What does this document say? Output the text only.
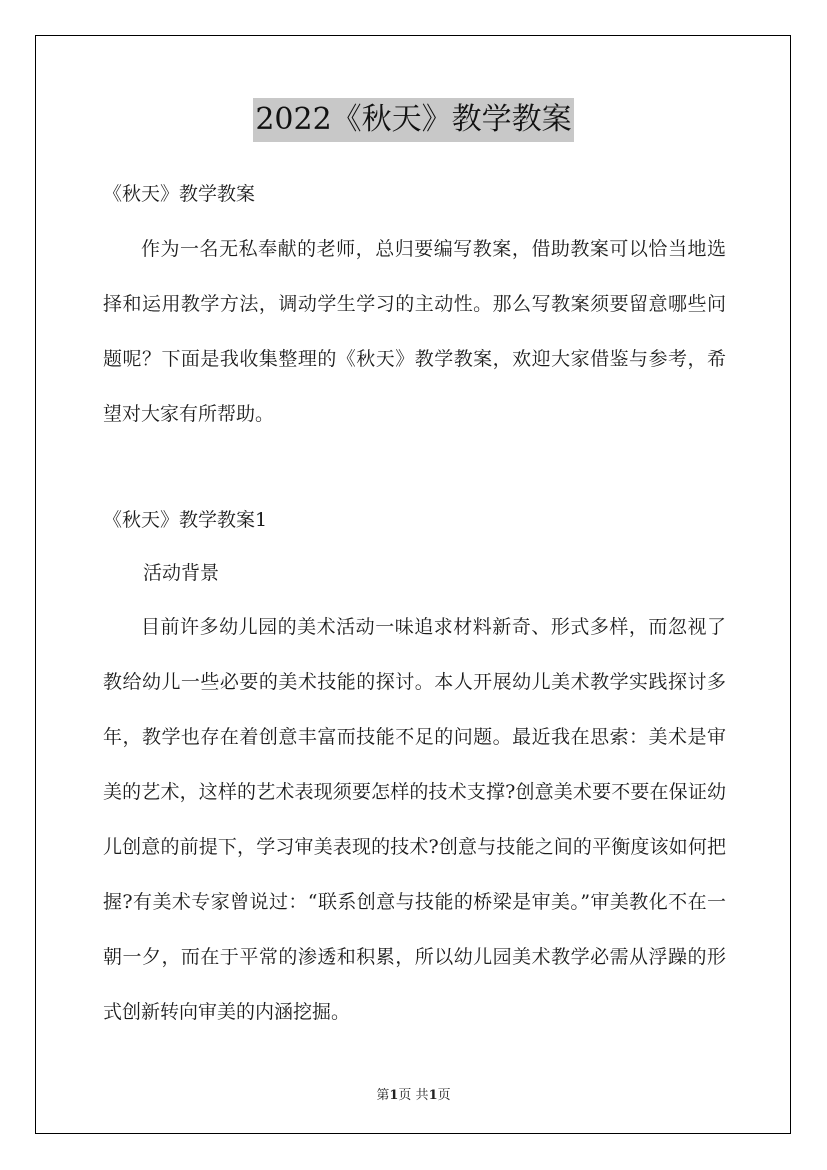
2022《秋天》教学教案
《秋天》教学教案

作为一名无私奉献的老师，总归要编写教案，借助教案可以恰当地选择和运用教学方法，调动学生学习的主动性。那么写教案须要留意哪些问题呢？下面是我收集整理的《秋天》教学教案，欢迎大家借鉴与参考，希望对大家有所帮助。

《秋天》教学教案1
活动背景

目前许多幼儿园的美术活动一味追求材料新奇、形式多样，而忽视了教给幼儿一些必要的美术技能的探讨。本人开展幼儿美术教学实践探讨多年，教学也存在着创意丰富而技能不足的问题。最近我在思索：美术是审美的艺术，这样的艺术表现须要怎样的技术支撑?创意美术要不要在保证幼儿创意的前提下，学习审美表现的技术?创意与技能之间的平衡度该如何把握?有美术专家曾说过：“联系创意与技能的桥梁是审美。”审美教化不在一朝一夕，而在于平常的渗透和积累，所以幼儿园美术教学必需从浮躁的形式创新转向审美的内涵挖掘。

第1页 共1页
